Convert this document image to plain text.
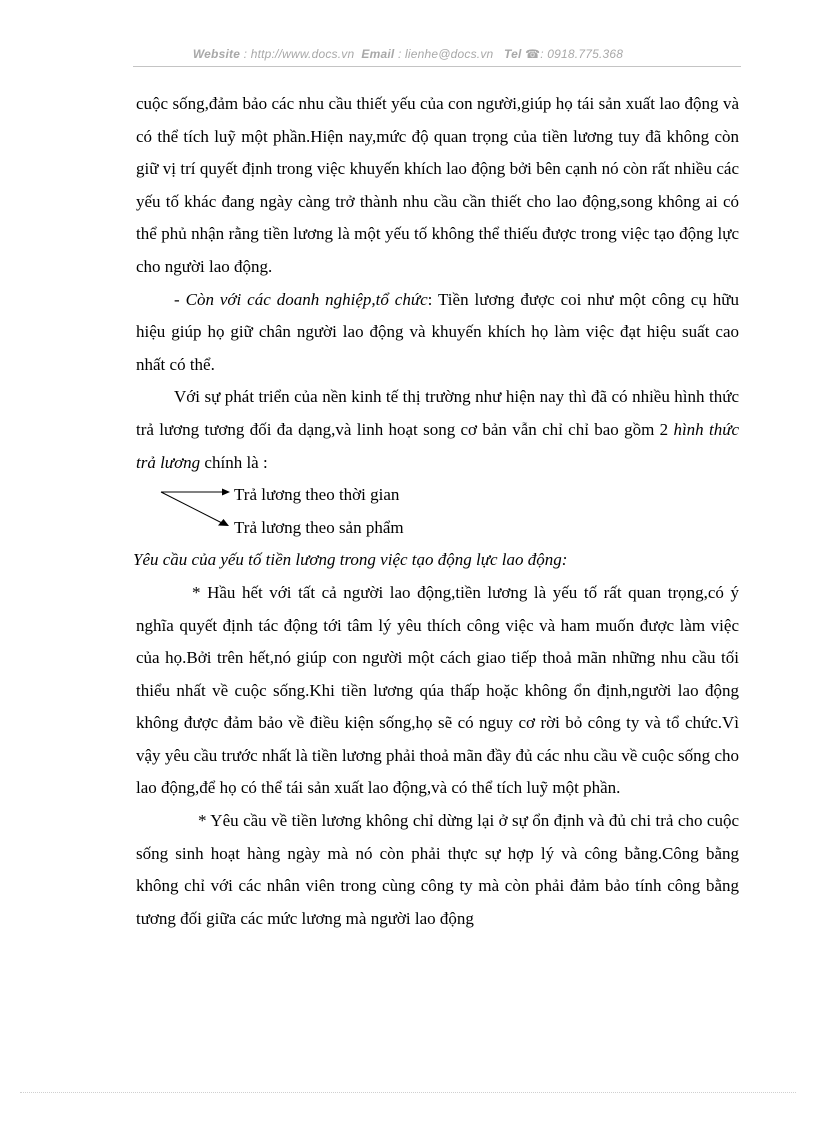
Website : http://www.docs.vn Email : lienhe@docs.vn Tel ☎: 0918.775.368

cuộc sống,đảm bảo các nhu cầu thiết yếu của con người,giúp họ tái sản xuất lao động và có thể tích luỹ một phần.Hiện nay,mức độ quan trọng của tiền lương tuy đã không còn giữ vị trí quyết định trong việc khuyến khích lao động bởi bên cạnh nó còn rất nhiều các yếu tố khác đang ngày càng trở thành nhu cầu cần thiết cho lao động,song không ai có thể phủ nhận rằng tiền lương là một yếu tố không thể thiếu được trong việc tạo động lực cho người lao động.

- Còn với các doanh nghiệp,tổ chức: Tiền lương được coi như một công cụ hữu hiệu giúp họ giữ chân người lao động và khuyến khích họ làm việc đạt hiệu suất cao nhất có thể.

Với sự phát triển của nền kinh tế thị trường như hiện nay thì đã có nhiều hình thức trả lương tương đối đa dạng,và linh hoạt song cơ bản vẫn chỉ chỉ bao gồm 2 hình thức trả lương chính là :

Trả lương theo thời gian
Trả lương theo sản phẩm

Yêu cầu của yếu tố tiền lương trong việc tạo động lực lao động:

* Hầu hết với tất cả người lao động,tiền lương là yếu tố rất quan trọng,có ý nghĩa quyết định tác động tới tâm lý yêu thích công việc và ham muốn được làm việc của họ.Bởi trên hết,nó giúp con người một cách giao tiếp thoả mãn những nhu cầu tối thiểu nhất về cuộc sống.Khi tiền lương qúa thấp hoặc không ổn định,người lao động không được đảm bảo về điều kiện sống,họ sẽ có nguy cơ rời bỏ công ty và tổ chức.Vì vậy yêu cầu trước nhất là tiền lương phải thoả mãn đầy đủ các nhu cầu về cuộc sống cho lao động,để họ có thể tái sản xuất lao động,và có thể tích luỹ một phần.

* Yêu cầu về tiền lương không chỉ dừng lại ở sự ổn định và đủ chi trả cho cuộc sống sinh hoạt hàng ngày mà nó còn phải thực sự hợp lý và công bằng.Công bằng không chỉ với các nhân viên trong cùng công ty mà còn phải đảm bảo tính công bằng tương đối giữa các mức lương mà người lao động
